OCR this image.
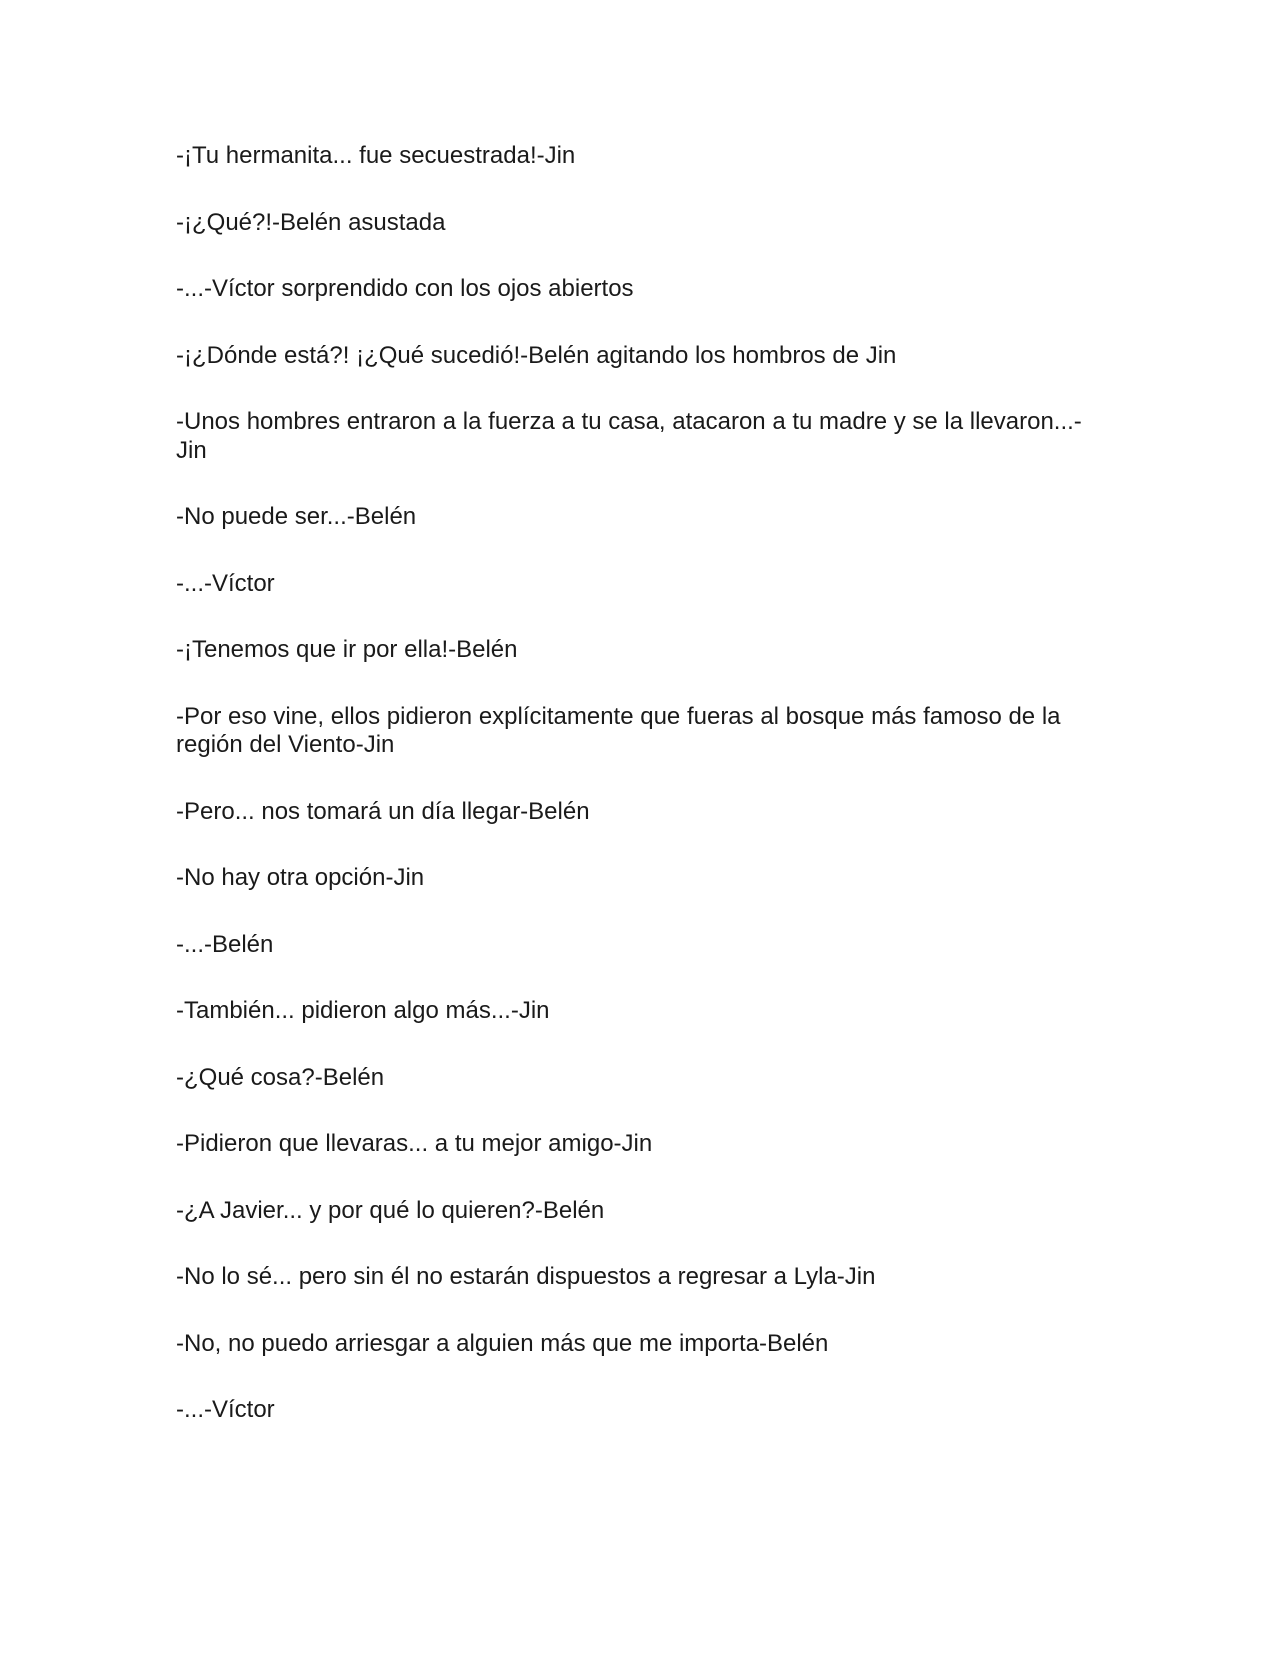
-¡Tu hermanita... fue secuestrada!-Jin

-¡¿Qué?!-Belén asustada

-...-Víctor sorprendido con los ojos abiertos

-¡¿Dónde está?! ¡¿Qué sucedió!-Belén agitando los hombros de Jin

-Unos hombres entraron a la fuerza a tu casa, atacaron a tu madre y se la llevaron...-Jin

-No puede ser...-Belén

-...-Víctor

-¡Tenemos que ir por ella!-Belén

-Por eso vine, ellos pidieron explícitamente que fueras al bosque más famoso de la región del Viento-Jin

-Pero... nos tomará un día llegar-Belén

-No hay otra opción-Jin

-...-Belén

-También... pidieron algo más...-Jin

-¿Qué cosa?-Belén

-Pidieron que llevaras... a tu mejor amigo-Jin

-¿A Javier... y por qué lo quieren?-Belén

-No lo sé... pero sin él no estarán dispuestos a regresar a Lyla-Jin

-No, no puedo arriesgar a alguien más que me importa-Belén

-...-Víctor
